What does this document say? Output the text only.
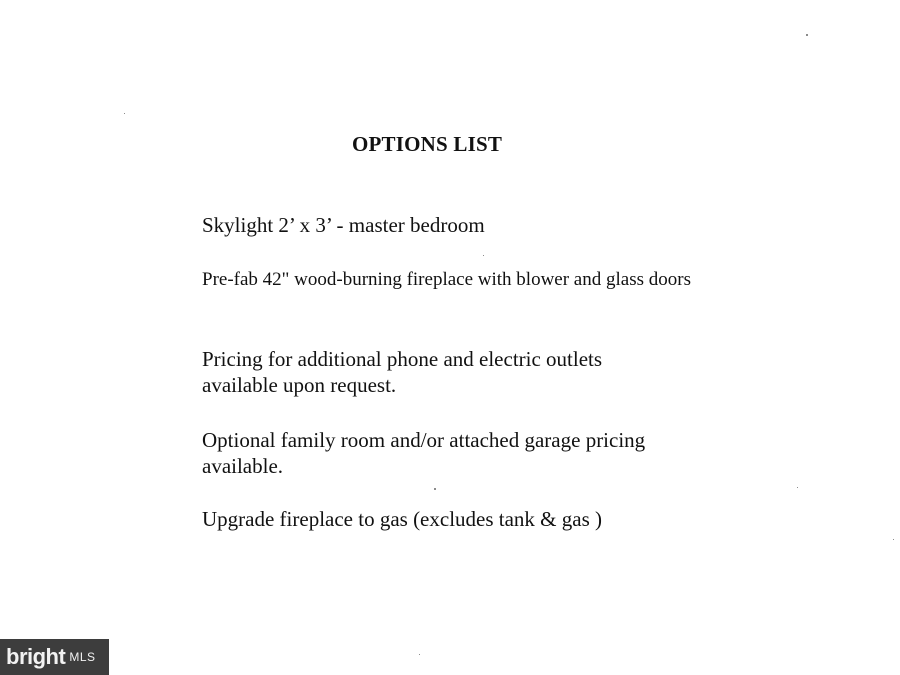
OPTIONS LIST
Skylight 2’ x 3’ - master bedroom
Pre-fab 42" wood-burning fireplace with blower and glass doors
Pricing for additional phone and electric outlets available upon request.
Optional family room and/or attached garage pricing available.
Upgrade fireplace to gas (excludes tank & gas )
bright MLS
